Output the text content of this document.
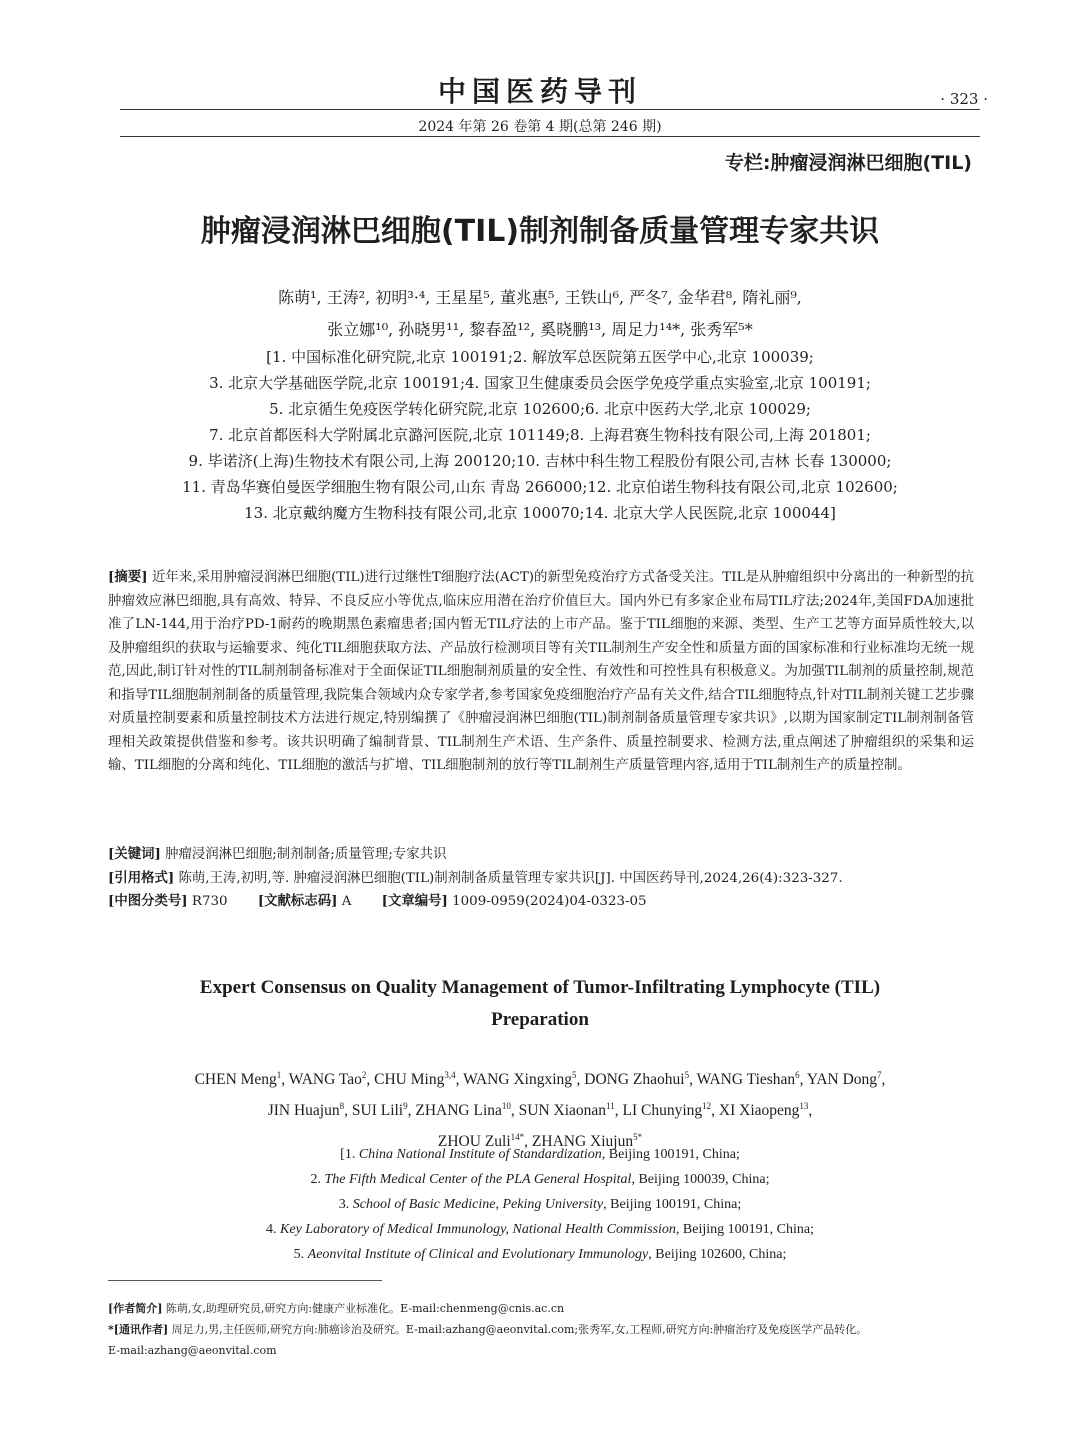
中国医药导刊	· 323 ·
2024 年第 26 卷第 4 期(总第 246 期)
专栏:肿瘤浸润淋巴细胞(TIL)
肿瘤浸润淋巴细胞(TIL)制剂制备质量管理专家共识
陈萌¹, 王涛², 初明³·⁴, 王星星⁵, 董兆惠⁵, 王铁山⁶, 严冬⁷, 金华君⁸, 隋礼丽⁹,
张立娜¹⁰, 孙晓男¹¹, 黎春盈¹², 奚晓鹏¹³, 周足力¹⁴*, 张秀军⁵*
[1. 中国标准化研究院,北京 100191;2. 解放军总医院第五医学中心,北京 100039;
3. 北京大学基础医学院,北京 100191;4. 国家卫生健康委员会医学免疫学重点实验室,北京 100191;
5. 北京循生免疫医学转化研究院,北京 102600;6. 北京中医药大学,北京 100029;
7. 北京首都医科大学附属北京潞河医院,北京 101149;8. 上海君赛生物科技有限公司,上海 201801;
9. 毕诺济(上海)生物技术有限公司,上海 200120;10. 吉林中科生物工程股份有限公司,吉林 长春 130000;
11. 青岛华赛伯曼医学细胞生物有限公司,山东 青岛 266000;12. 北京伯诺生物科技有限公司,北京 102600;
13. 北京戴纳魔方生物科技有限公司,北京 100070;14. 北京大学人民医院,北京 100044]
[摘要] 近年来,采用肿瘤浸润淋巴细胞(TIL)进行过继性T细胞疗法(ACT)的新型免疫治疗方式备受关注。TIL是从肿瘤组织中分离出的一种新型的抗肿瘤效应淋巴细胞,具有高效、特异、不良反应小等优点,临床应用潜在治疗价值巨大。国内外已有多家企业布局TIL疗法;2024年,美国FDA加速批准了LN-144,用于治疗PD-1耐药的晚期黑色素瘤患者;国内暂无TIL疗法的上市产品。鉴于TIL细胞的来源、类型、生产工艺等方面异质性较大,以及肿瘤组织的获取与运输要求、纯化TIL细胞获取方法、产品放行检测项目等有关TIL制剂生产安全性和质量方面的国家标准和行业标准均无统一规范,因此,制订针对性的TIL制剂制备标准对于全面保证TIL细胞制剂质量的安全性、有效性和可控性具有积极意义。为加强TIL制剂的质量控制,规范和指导TIL细胞制剂制备的质量管理,我院集合领域内众专家学者,参考国家免疫细胞治疗产品有关文件,结合TIL细胞特点,针对TIL制剂关键工艺步骤对质量控制要素和质量控制技术方法进行规定,特别编撰了《肿瘤浸润淋巴细胞(TIL)制剂制备质量管理专家共识》,以期为国家制定TIL制剂制备管理相关政策提供借鉴和参考。该共识明确了编制背景、TIL制剂生产术语、生产条件、质量控制要求、检测方法,重点阐述了肿瘤组织的采集和运输、TIL细胞的分离和纯化、TIL细胞的激活与扩增、TIL细胞制剂的放行等TIL制剂生产质量管理内容,适用于TIL制剂生产的质量控制。
[关键词] 肿瘤浸润淋巴细胞;制剂制备;质量管理;专家共识
[引用格式] 陈萌,王涛,初明,等. 肿瘤浸润淋巴细胞(TIL)制剂制备质量管理专家共识[J]. 中国医药导刊,2024,26(4):323-327.
[中图分类号] R730 [文献标志码] A [文章编号] 1009-0959(2024)04-0323-05
Expert Consensus on Quality Management of Tumor-Infiltrating Lymphocyte (TIL)
Preparation
CHEN Meng$^1$, WANG Tao$^2$, CHU Ming$^{3,4}$, WANG Xingxing$^5$, DONG Zhaohui$^5$, WANG Tieshan$^6$, YAN Dong$^7$,
JIN Huajun$^8$, SUI Lili$^9$, ZHANG Lina$^{10}$, SUN Xiaonan$^{11}$, LI Chunying$^{12}$, XI Xiaopeng$^{13}$,
ZHOU Zuli$^{14*}$, ZHANG Xiujun$^{5*}$
[1. China National Institute of Standardization, Beijing 100191, China;
2. The Fifth Medical Center of the PLA General Hospital, Beijing 100039, China;
3. School of Basic Medicine, Peking University, Beijing 100191, China;
4. Key Laboratory of Medical Immunology, National Health Commission, Beijing 100191, China;
5. Aeonvital Institute of Clinical and Evolutionary Immunology, Beijing 102600, China;
[作者简介] 陈萌,女,助理研究员,研究方向:健康产业标准化。E-mail:chenmeng@cnis.ac.cn
*[通讯作者] 周足力,男,主任医师,研究方向:肺癌诊治及研究。E-mail:azhang@aeonvital.com;张秀军,女,工程师,研究方向:肿瘤治疗及免疫医学产品转化。
E-mail:azhang@aeonvital.com
